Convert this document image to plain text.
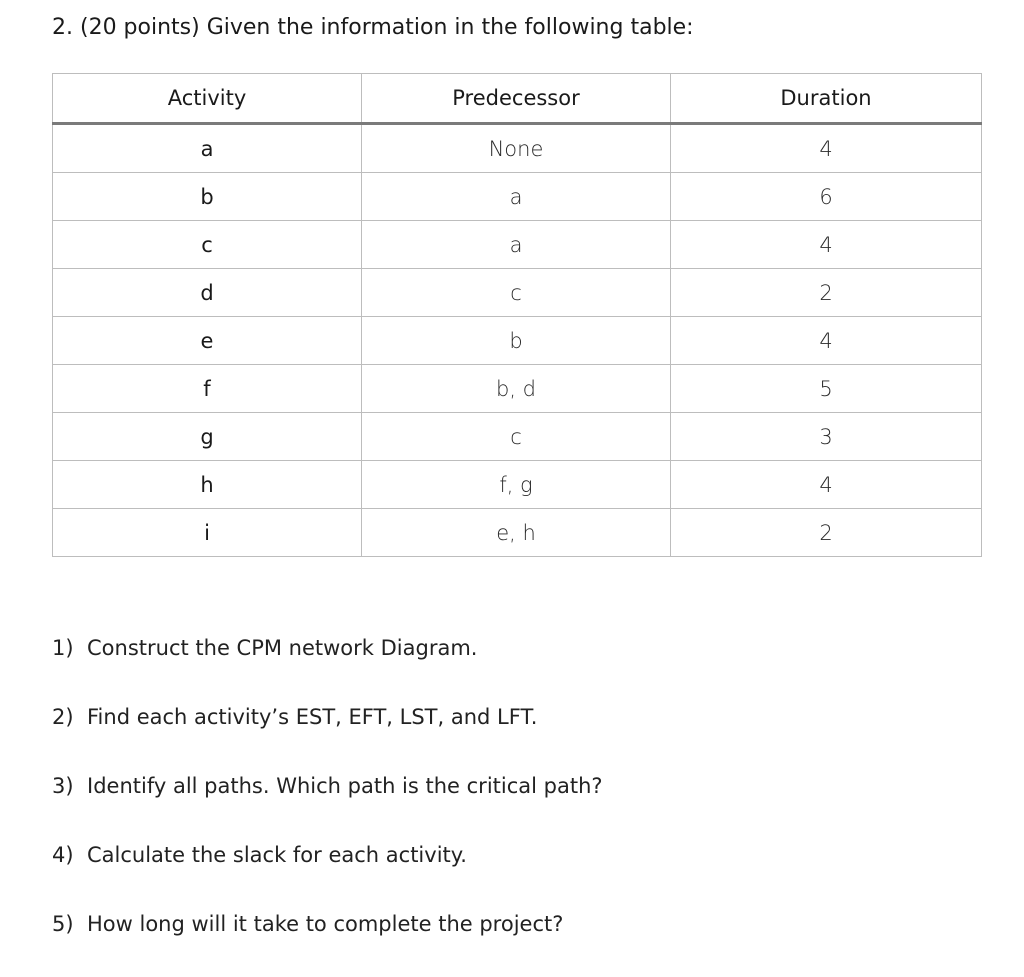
2. (20 points) Given the information in the following table:
Activity	Predecessor	Duration
a	None	4
b	a	6
c	a	4
d	c	2
e	b	4
f	b, d	5
g	c	3
h	f, g	4
i	e, h	2
1) Construct the CPM network Diagram.
2) Find each activity’s EST, EFT, LST, and LFT.
3) Identify all paths. Which path is the critical path?
4) Calculate the slack for each activity.
5) How long will it take to complete the project?
